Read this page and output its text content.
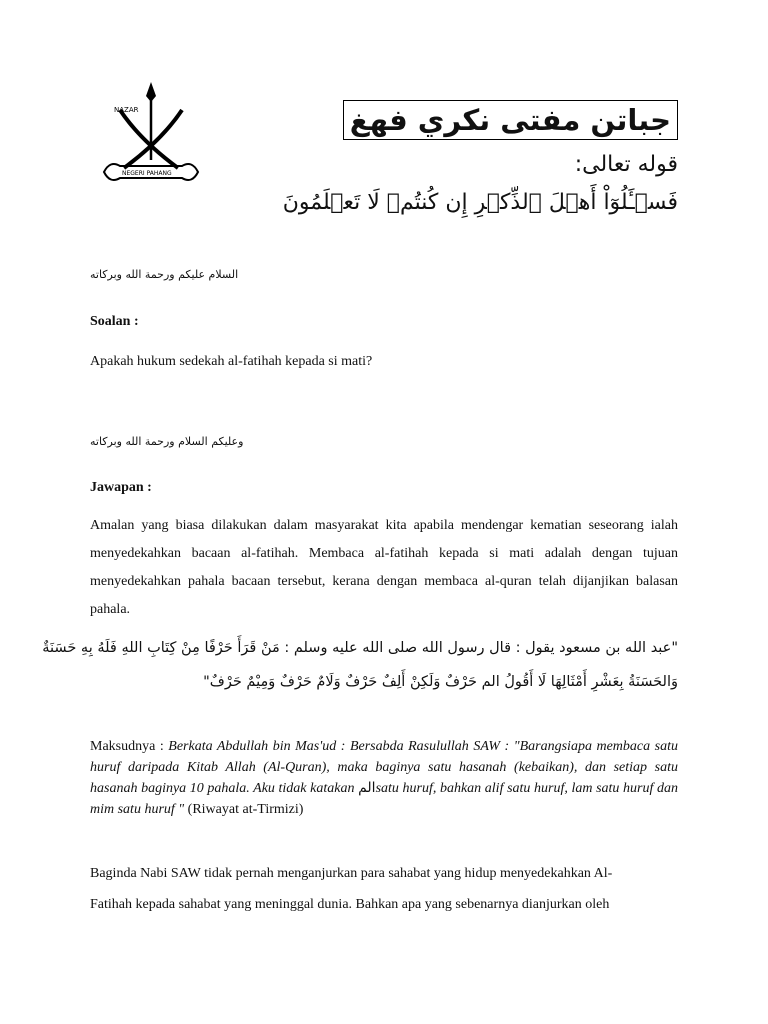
NAZAR
NEGERI PAHANG
جباتن مفتى نكري فهغ
قوله تعالى:
فَسۡـَٔلُوٓاْ أَهۡلَ ٱلذِّكۡرِ إِن كُنتُمۡ لَا تَعۡلَمُونَ
السلام عليكم ورحمة الله وبركاته
Soalan :
Apakah hukum sedekah al-fatihah kepada si mati?
وعليكم السلام ورحمة الله وبركاته
Jawapan :
Amalan yang biasa dilakukan dalam masyarakat kita apabila mendengar kematian seseorang ialah menyedekahkan bacaan al-fatihah. Membaca al-fatihah kepada si mati adalah dengan tujuan menyedekahkan pahala bacaan tersebut, kerana dengan membaca al-quran telah dijanjikan balasan pahala.
"عبد الله بن مسعود يقول : قال رسول الله صلى الله عليه وسلم : مَنْ قَرَأَ حَرْفًا مِنْ كِتَابِ اللهِ فَلَهُ بِهِ حَسَنَةٌ
وَالحَسَنَةُ بِعَشْرِ أَمْثَالِهَا لَا أَقُولُ الم حَرْفٌ وَلَكِنْ أَلِفٌ حَرْفٌ وَلَامٌ حَرْفٌ وَمِيْمٌ حَرْفٌ"
Maksudnya : Berkata Abdullah bin Mas'ud : Bersabda Rasulullah SAW : "Barangsiapa membaca satu huruf daripada Kitab Allah (Al-Quran), maka baginya satu hasanah (kebaikan), dan setiap satu hasanah baginya 10 pahala. Aku tidak katakan المsatu huruf, bahkan alif satu huruf, lam satu huruf dan mim satu huruf " (Riwayat at-Tirmizi)
Baginda Nabi SAW tidak pernah menganjurkan para sahabat yang hidup menyedekahkan Al-
Fatihah kepada sahabat yang meninggal dunia. Bahkan apa yang sebenarnya dianjurkan oleh
